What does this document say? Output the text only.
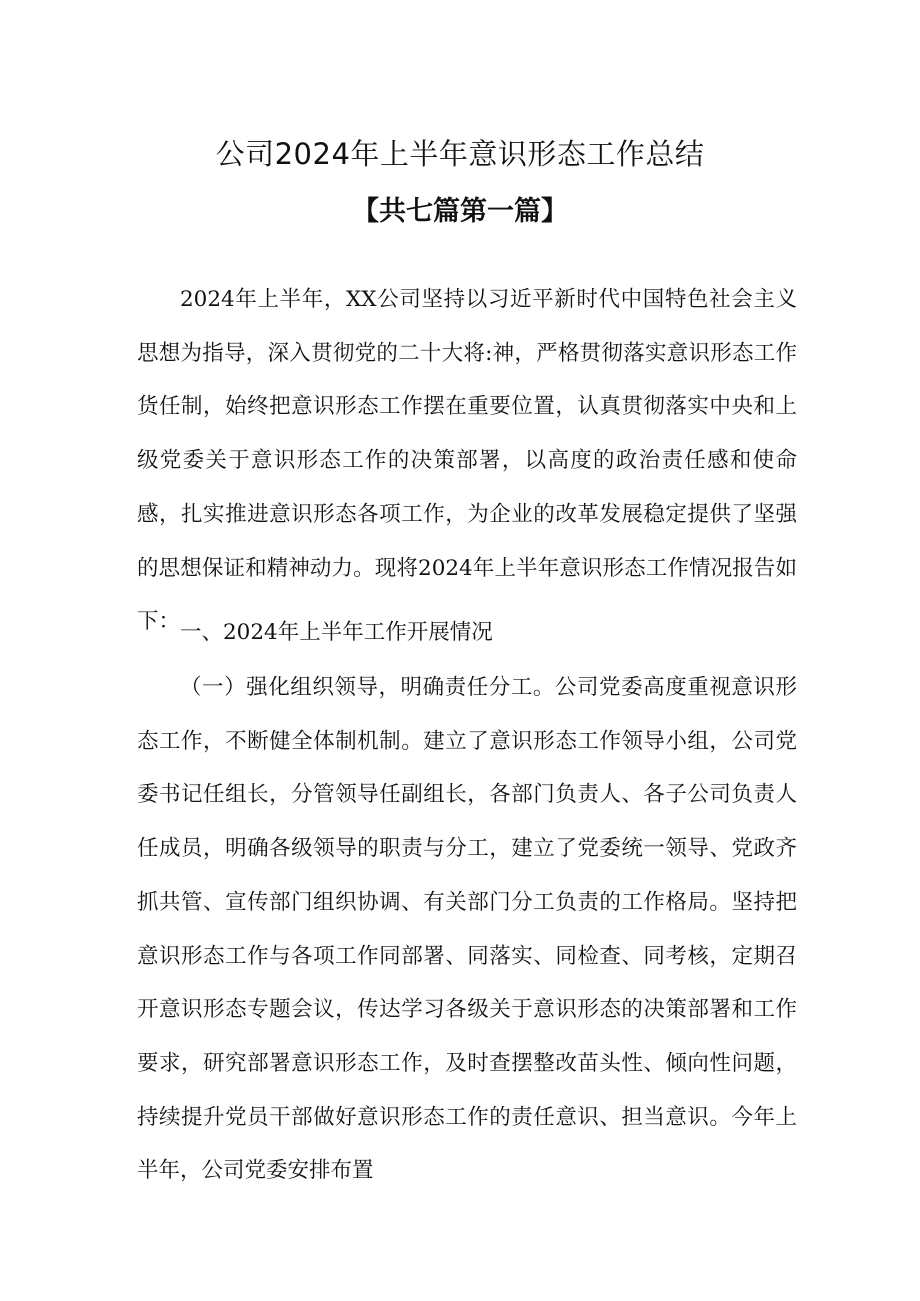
公司2024年上半年意识形态工作总结
【共七篇第一篇】

2024年上半年，XX公司坚持以习近平新时代中国特色社会主义思想为指导，深入贯彻党的二十大将:神，严格贯彻落实意识形态工作货任制，始终把意识形态工作摆在重要位置，认真贯彻落实中央和上级党委关于意识形态工作的决策部署，以高度的政治责任感和使命感，扎实推进意识形态各项工作，为企业的改革发展稳定提供了坚强的思想保证和精神动力。现将2024年上半年意识形态工作情况报告如下： 一、2024年上半年工作开展情况

（一）强化组织领导，明确责任分工。公司党委高度重视意识形态工作，不断健全体制机制。建立了意识形态工作领导小组，公司党委书记任组长，分管领导任副组长，各部门负责人、各子公司负责人任成员，明确各级领导的职责与分工，建立了党委统一领导、党政齐抓共管、宣传部门组织协调、有关部门分工负责的工作格局。坚持把意识形态工作与各项工作同部署、同落实、同检查、同考核，定期召开意识形态专题会议，传达学习各级关于意识形态的决策部署和工作要求，研究部署意识形态工作，及时查摆整改苗头性、倾向性问题，持续提升党员干部做好意识形态工作的责任意识、担当意识。今年上半年，公司党委安排布置
